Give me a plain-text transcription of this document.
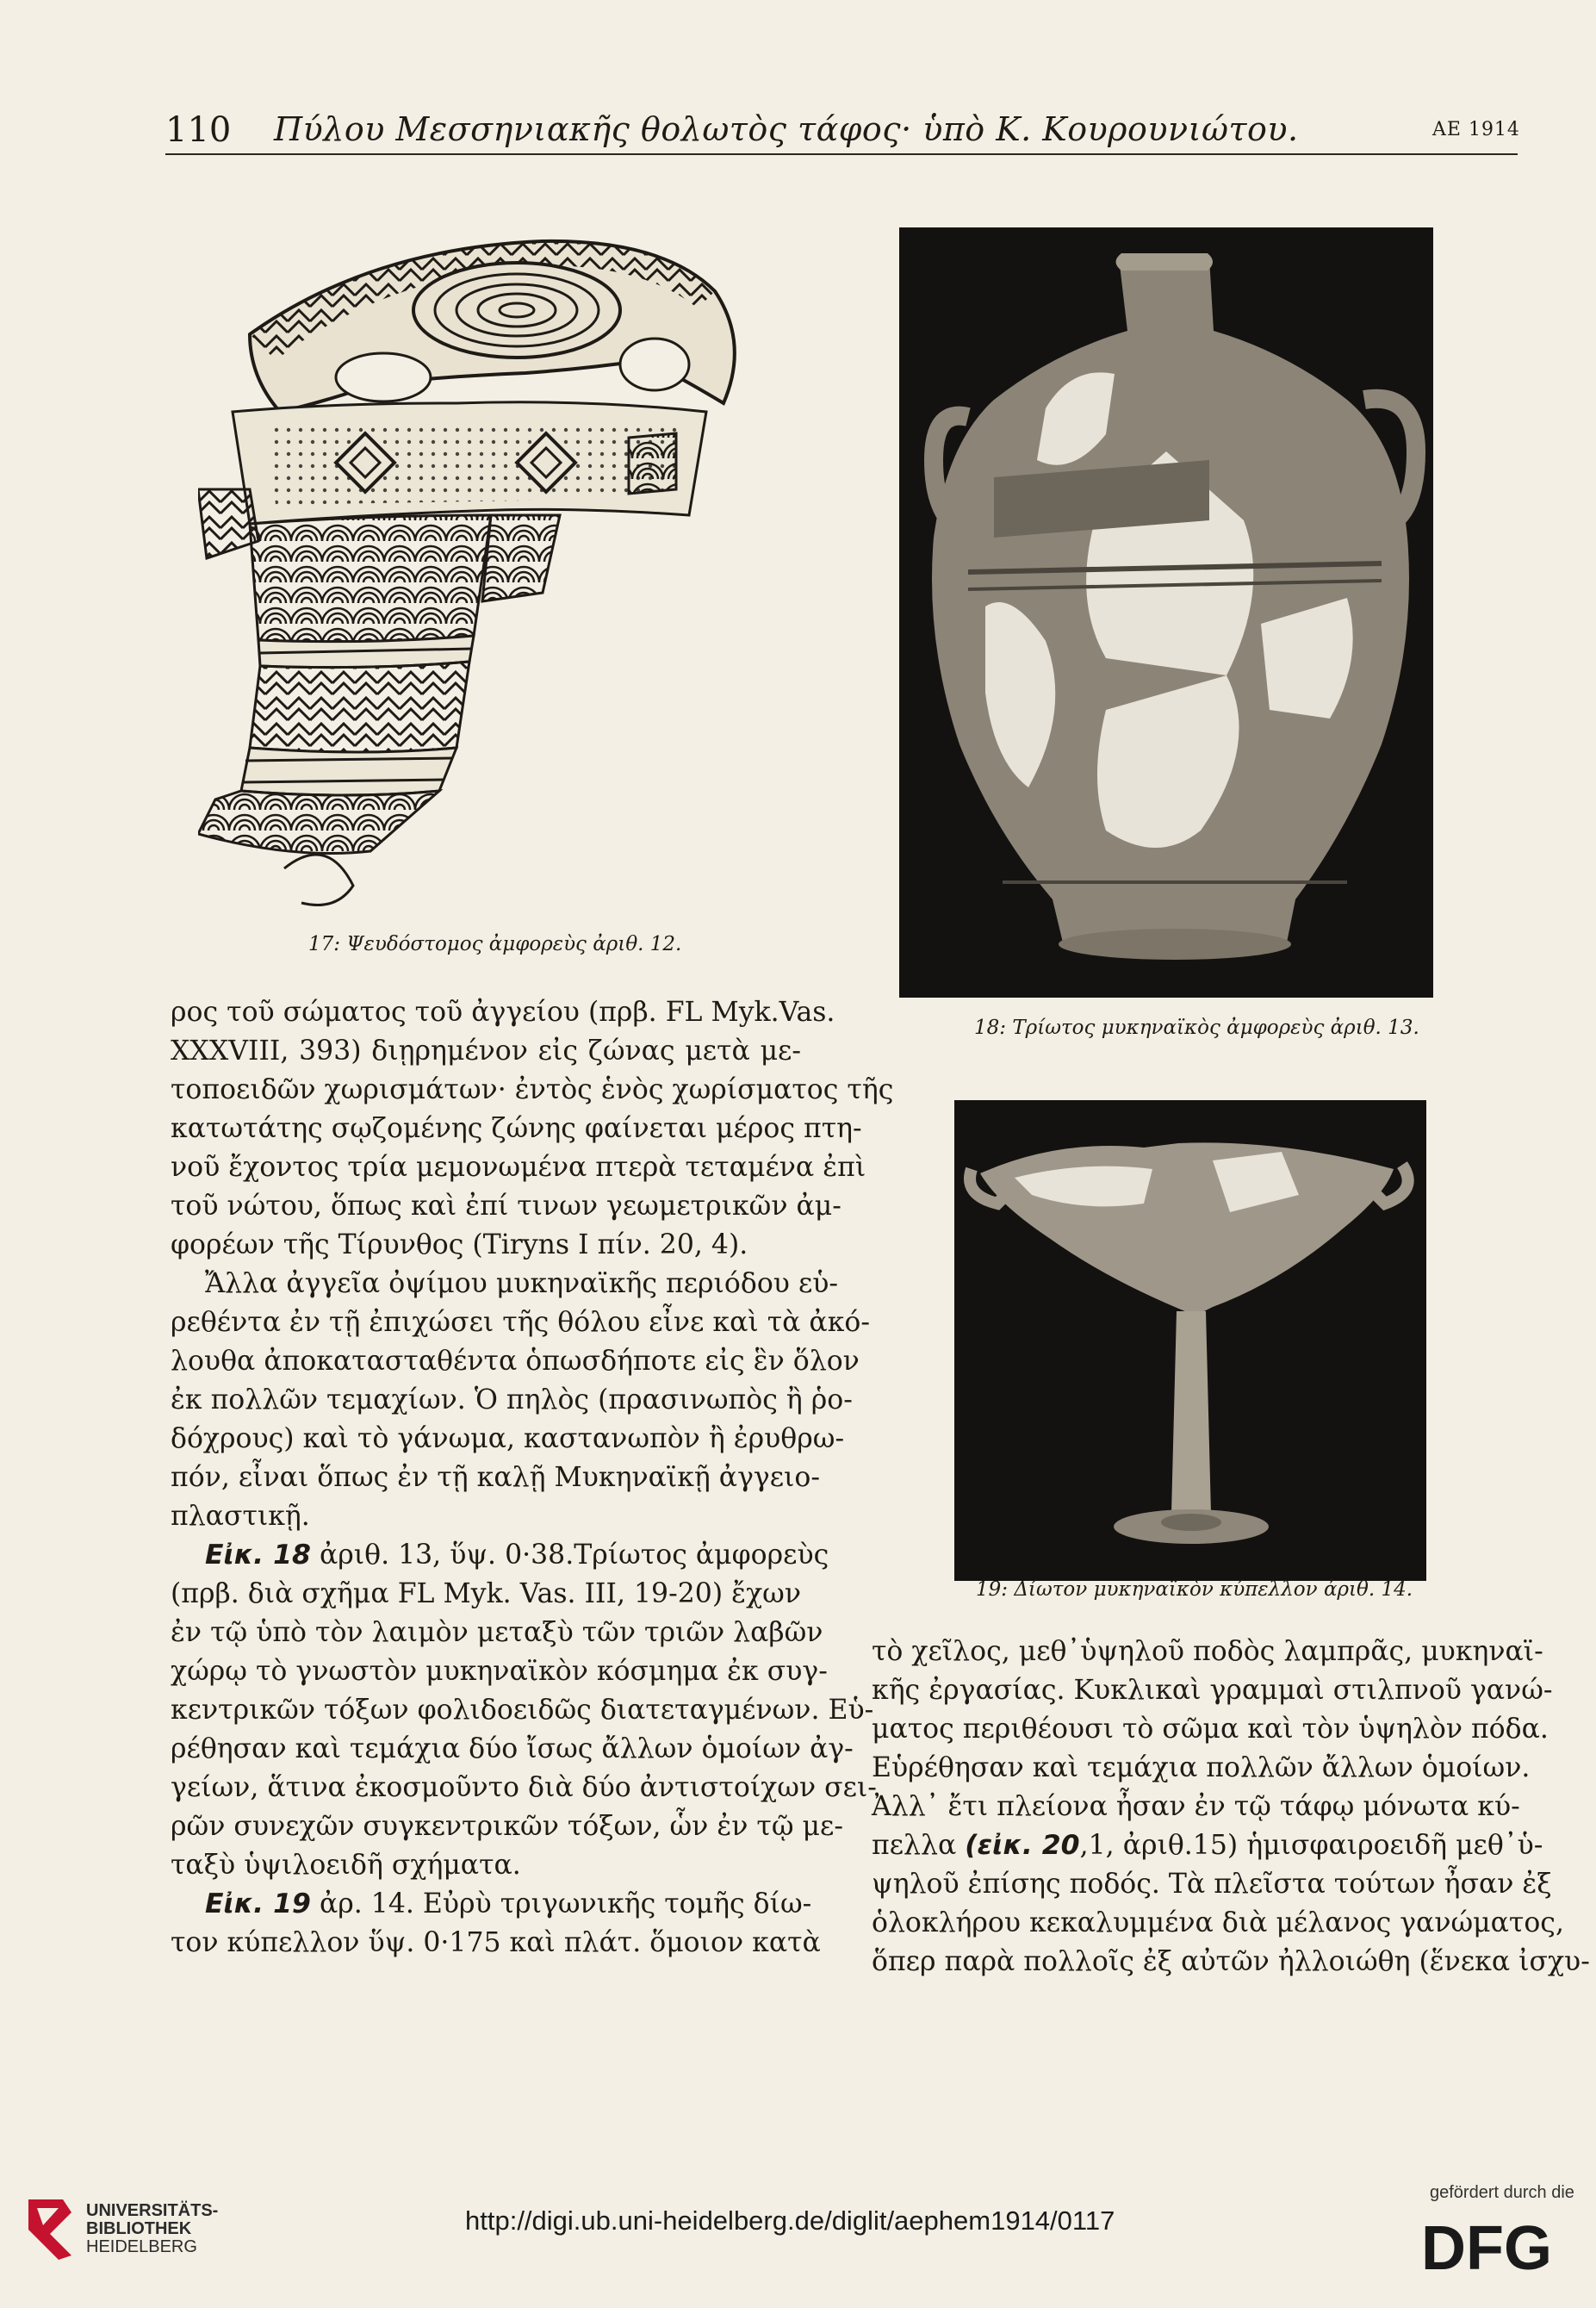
110 Πύλου Μεσσηνιακῆς θολωτὸς τάφος· ὑπὸ Κ. Κουρουνιώτου.	ΑΕ 1914
17: Ψευδόστομος ἀμφορεὺς ἀριθ. 12.
18: Τρίωτος μυκηναϊκὸς ἀμφορεὺς ἀριθ. 13.
19: Δίωτον μυκηναϊκὸν κύπελλον ἀριθ. 14.
ρος τοῦ σώματος τοῦ ἀγγείου (πρβ. FL Myk.Vas.
XXXVIII, 393) διῃρημένον εἰς ζώνας μετὰ με-
τοποειδῶν χωρισμάτων· ἐντὸς ἑνὸς χωρίσματος τῆς
κατωτάτης σῳζομένης ζώνης φαίνεται μέρος πτη-
νοῦ ἔχοντος τρία μεμονωμένα πτερὰ τεταμένα ἐπὶ
τοῦ νώτου, ὅπως καὶ ἐπί τινων γεωμετρικῶν ἀμ-
φορέων τῆς Τίρυνθος (Tiryns I πίν. 20, 4).
Ἄλλα ἀγγεῖα ὀψίμου μυκηναϊκῆς περιόδου εὑ-
ρεθέντα ἐν τῇ ἐπιχώσει τῆς θόλου εἶνε καὶ τὰ ἀκό-
λουθα ἀποκατασταθέντα ὁπωσδήποτε εἰς ἓν ὅλον
ἐκ πολλῶν τεμαχίων. Ὁ πηλὸς (πρασινωπὸς ἢ ῥο-
δόχρους) καὶ τὸ γάνωμα, καστανωπὸν ἢ ἐρυθρω-
πόν, εἶναι ὅπως ἐν τῇ καλῇ Μυκηναϊκῇ ἀγγειο-
πλαστικῇ.
Εἰκ. 18 ἀριθ. 13, ὕψ. 0·38.Τρίωτος ἀμφορεὺς
(πρβ. διὰ σχῆμα FL Myk. Vas. III, 19-20) ἔχων
ἐν τῷ ὑπὸ τὸν λαιμὸν μεταξὺ τῶν τριῶν λαβῶν
χώρῳ τὸ γνωστὸν μυκηναϊκὸν κόσμημα ἐκ συγ-
κεντρικῶν τόξων φολιδοειδῶς διατεταγμένων. Εὑ-
ρέθησαν καὶ τεμάχια δύο ἴσως ἄλλων ὁμοίων ἀγ-
γείων, ἅτινα ἐκοσμοῦντο διὰ δύο ἀντιστοίχων σει-
ρῶν συνεχῶν συγκεντρικῶν τόξων, ὧν ἐν τῷ με-
ταξὺ ὑψιλοειδῆ σχήματα.
Εἰκ. 19 ἀρ. 14. Εὐρὺ τριγωνικῆς τομῆς δίω-
τον κύπελλον ὕψ. 0·175 καὶ πλάτ. ὅμοιον κατὰ
τὸ χεῖλος, μεθ᾽ὑψηλοῦ ποδὸς λαμπρᾶς, μυκηναϊ-
κῆς ἐργασίας. Κυκλικαὶ γραμμαὶ στιλπνοῦ γανώ-
ματος περιθέουσι τὸ σῶμα καὶ τὸν ὑψηλὸν πόδα.
Εὑρέθησαν καὶ τεμάχια πολλῶν ἄλλων ὁμοίων.
Ἀλλ᾽ ἔτι πλείονα ἦσαν ἐν τῷ τάφῳ μόνωτα κύ-
πελλα (εἰκ. 20,1, ἀριθ.15) ἡμισφαιροειδῆ μεθ᾽ὑ-
ψηλοῦ ἐπίσης ποδός. Τὰ πλεῖστα τούτων ἦσαν ἐξ
ὁλοκλήρου κεκαλυμμένα διὰ μέλανος γανώματος,
ὅπερ παρὰ πολλοῖς ἐξ αὐτῶν ἠλλοιώθη (ἕνεκα ἰσχυ-
UNIVERSITÄTS-
BIBLIOTHEK
HEIDELBERG
http://digi.ub.uni-heidelberg.de/diglit/aephem1914/0117
gefördert durch die
DFG
